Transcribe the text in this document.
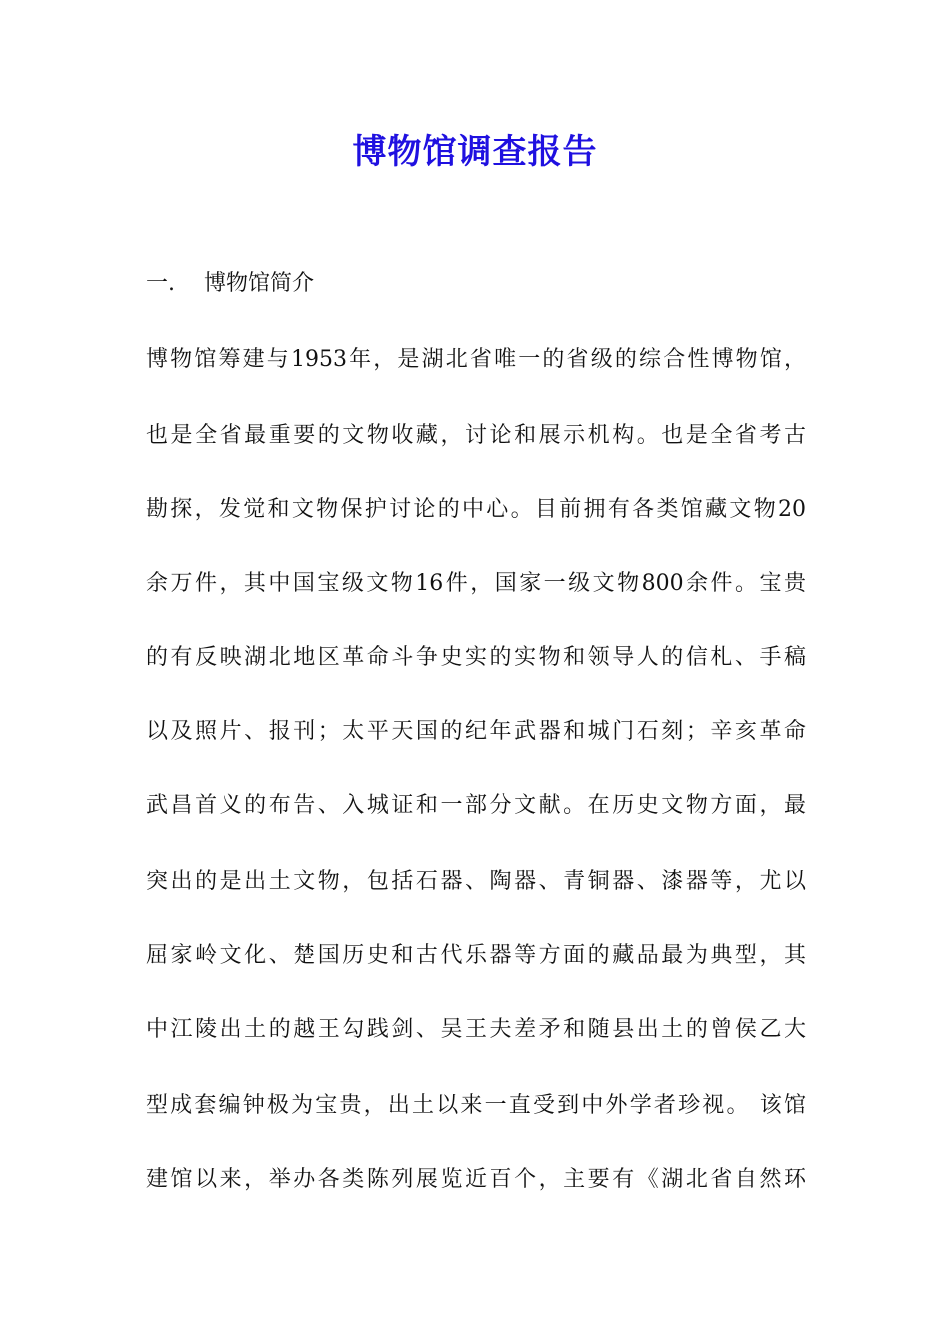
博物馆调查报告
一. 博物馆简介

博物馆筹建与1953年，是湖北省唯一的省级的综合性博物馆，

也是全省最重要的文物收藏，讨论和展示机构。也是全省考古

勘探，发觉和文物保护讨论的中心。目前拥有各类馆藏文物20

余万件，其中国宝级文物16件，国家一级文物800余件。宝贵

的有反映湖北地区革命斗争史实的实物和领导人的信札、手稿

以及照片、报刊；太平天国的纪年武器和城门石刻；辛亥革命

武昌首义的布告、入城证和一部分文献。在历史文物方面，最

突出的是出土文物，包括石器、陶器、青铜器、漆器等，尤以

屈家岭文化、楚国历史和古代乐器等方面的藏品最为典型，其

中江陵出土的越王勾践剑、吴王夫差矛和随县出土的曾侯乙大

型成套编钟极为宝贵，出土以来一直受到中外学者珍视。 该馆

建馆以来，举办各类陈列展览近百个，主要有《湖北省自然环
